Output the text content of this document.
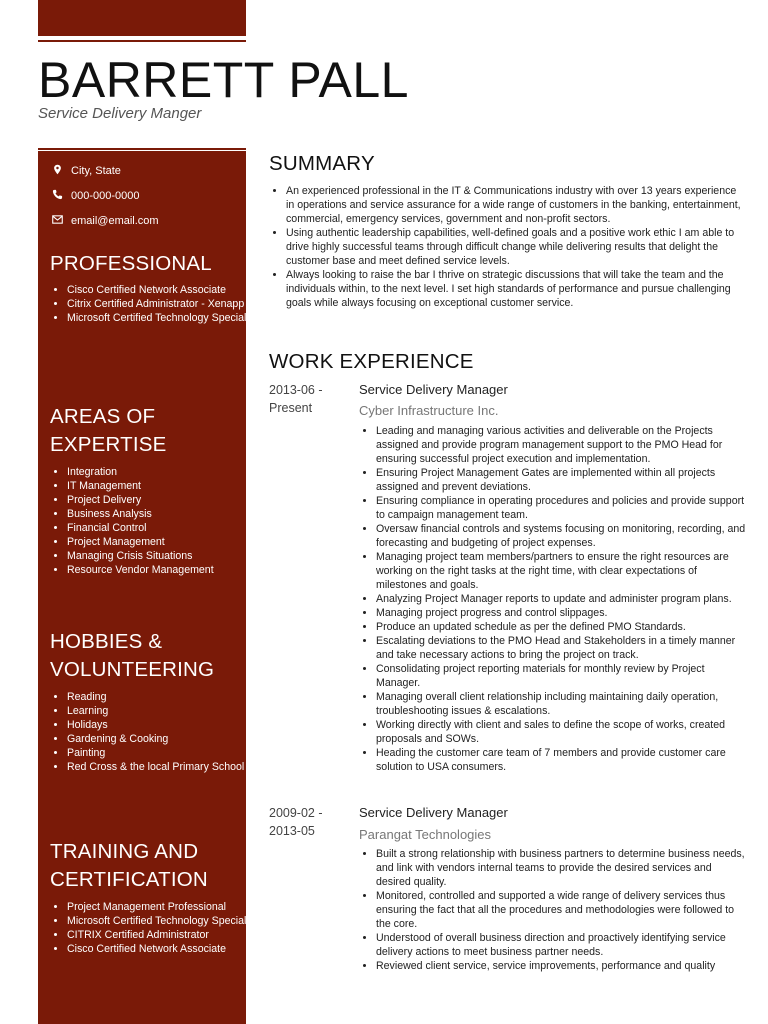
BARRETT PALL
Service Delivery Manger
City, State
000-000-0000
email@email.com
PROFESSIONAL
• Cisco Certified Network Associate
• Citrix Certified Administrator - Xenapp 5
• Microsoft Certified Technology Specialist
AREAS OF EXPERTISE
• Integration
• IT Management
• Project Delivery
• Business Analysis
• Financial Control
• Project Management
• Managing Crisis Situations
• Resource Vendor Management
HOBBIES & VOLUNTEERING
• Reading
• Learning
• Holidays
• Gardening & Cooking
• Painting
• Red Cross & the local Primary School
TRAINING AND CERTIFICATION
• Project Management Professional
• Microsoft Certified Technology Specialist
• CITRIX Certified Administrator
• Cisco Certified Network Associate
SUMMARY
• An experienced professional in the IT & Communications industry with over 13 years experience in operations and service assurance for a wide range of customers in the banking, entertainment, commercial, emergency services, government and non-profit sectors.
• Using authentic leadership capabilities, well-defined goals and a positive work ethic I am able to drive highly successful teams through difficult change while delivering results that delight the customer base and meet defined service levels.
• Always looking to raise the bar I thrive on strategic discussions that will take the team and the individuals within, to the next level. I set high standards of performance and pursue challenging goals while always focusing on exceptional customer service.
WORK EXPERIENCE
2013-06 - Present
Service Delivery Manager
Cyber Infrastructure Inc.
• Leading and managing various activities and deliverable on the Projects assigned and provide program management support to the PMO Head for ensuring successful project execution and implementation.
• Ensuring Project Management Gates are implemented within all projects assigned and prevent deviations.
• Ensuring compliance in operating procedures and policies and provide support to campaign management team.
• Oversaw financial controls and systems focusing on monitoring, recording, and forecasting and budgeting of project expenses.
• Managing project team members/partners to ensure the right resources are working on the right tasks at the right time, with clear expectations of milestones and goals.
• Analyzing Project Manager reports to update and administer program plans.
• Managing project progress and control slippages.
• Produce an updated schedule as per the defined PMO Standards.
• Escalating deviations to the PMO Head and Stakeholders in a timely manner and take necessary actions to bring the project on track.
• Consolidating project reporting materials for monthly review by Project Manager.
• Managing overall client relationship including maintaining daily operation, troubleshooting issues & escalations.
• Working directly with client and sales to define the scope of works, created proposals and SOWs.
• Heading the customer care team of 7 members and provide customer care solution to USA consumers.
2009-02 - 2013-05
Service Delivery Manager
Parangat Technologies
• Built a strong relationship with business partners to determine business needs, and link with vendors internal teams to provide the desired services and desired quality.
• Monitored, controlled and supported a wide range of delivery services thus ensuring the fact that all the procedures and methodologies were followed to the core.
• Understood of overall business direction and proactively identifying service delivery actions to meet business partner needs.
• Reviewed client service, service improvements, performance and quality
